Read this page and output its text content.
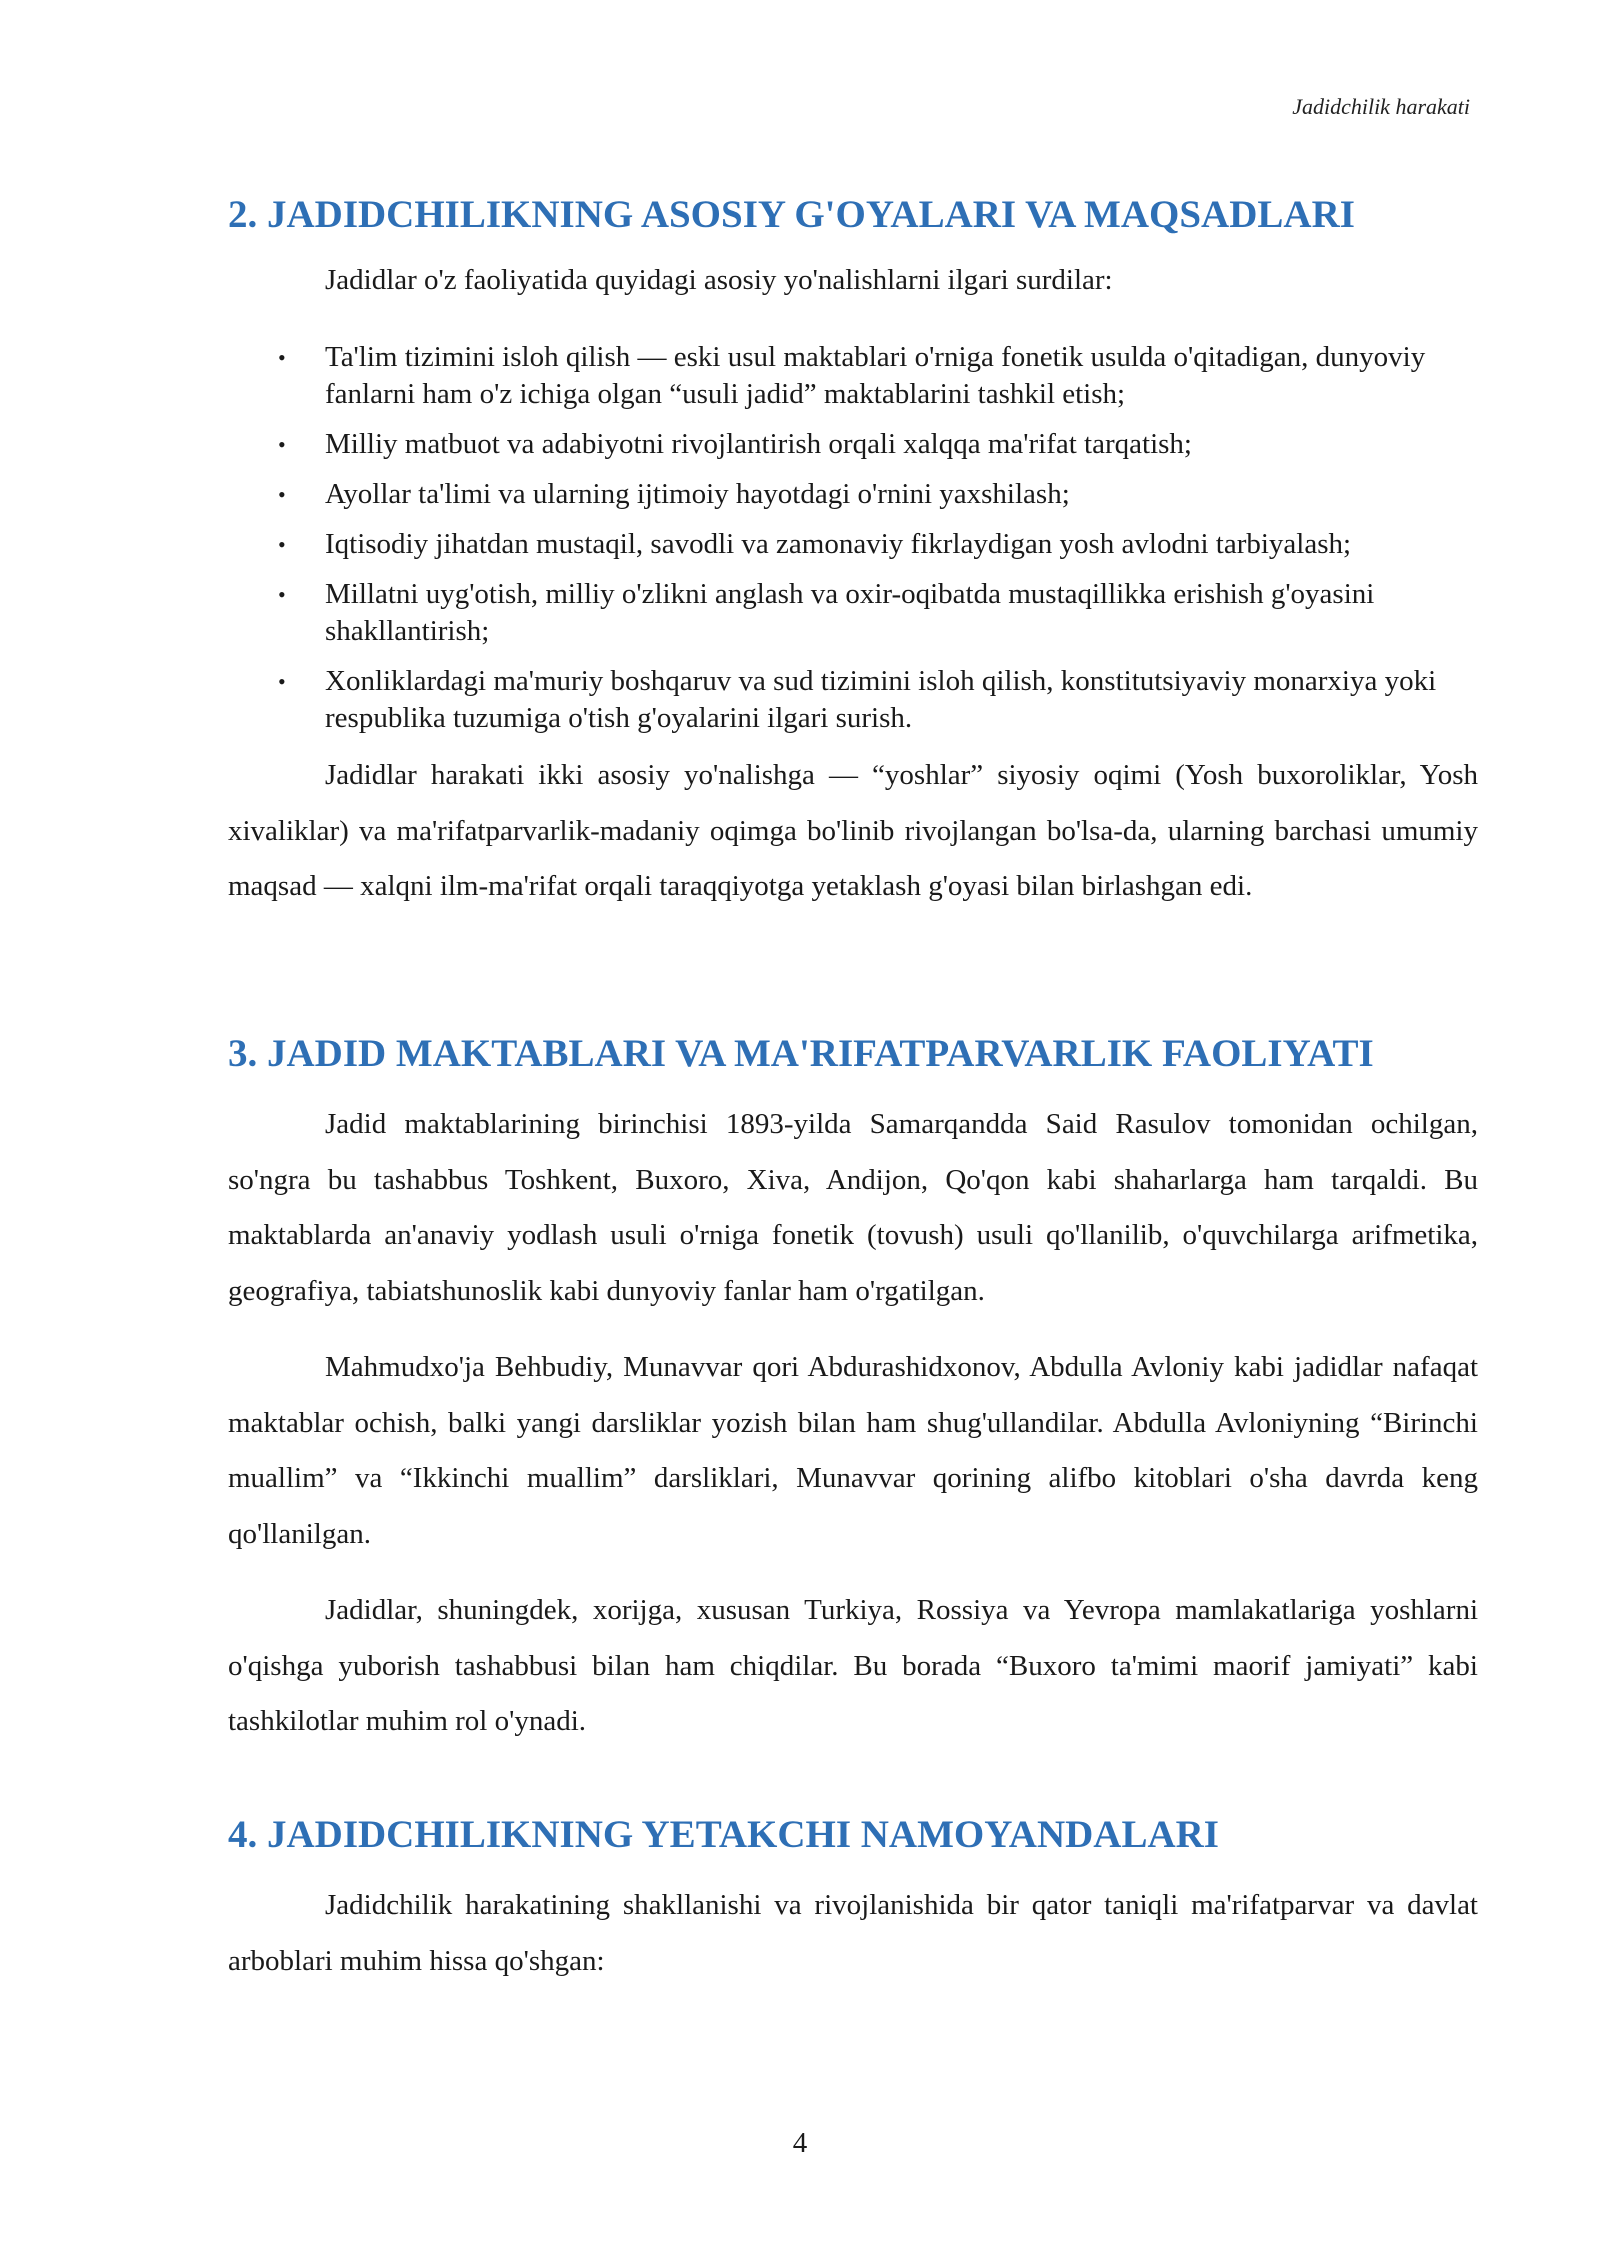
Jadidchilik harakati
2. JADIDCHILIKNING ASOSIY G'OYALARI VA MAQSADLARI

Jadidlar o'z faoliyatida quyidagi asosiy yo'nalishlarni ilgari surdilar:

• Ta'lim tizimini isloh qilish — eski usul maktablari o'rniga fonetik usulda o'qitadigan, dunyoviy fanlarni ham o'z ichiga olgan “usuli jadid” maktablarini tashkil etish;
• Milliy matbuot va adabiyotni rivojlantirish orqali xalqqa ma'rifat tarqatish;
• Ayollar ta'limi va ularning ijtimoiy hayotdagi o'rnini yaxshilash;
• Iqtisodiy jihatdan mustaqil, savodli va zamonaviy fikrlaydigan yosh avlodni tarbiyalash;
• Millatni uyg'otish, milliy o'zlikni anglash va oxir-oqibatda mustaqillikka erishish g'oyasini shakllantirish;
• Xonliklardagi ma'muriy boshqaruv va sud tizimini isloh qilish, konstitutsiyaviy monarxiya yoki respublika tuzumiga o'tish g'oyalarini ilgari surish.

Jadidlar harakati ikki asosiy yo'nalishga — “yoshlar” siyosiy oqimi (Yosh buxoroliklar, Yosh xivaliklar) va ma'rifatparvarlik-madaniy oqimga bo'linib rivojlangan bo'lsa-da, ularning barchasi umumiy maqsad — xalqni ilm-ma'rifat orqali taraqqiyotga yetaklash g'oyasi bilan birlashgan edi.

3. JADID MAKTABLARI VA MA'RIFATPARVARLIK FAOLIYATI

Jadid maktablarining birinchisi 1893-yilda Samarqandda Said Rasulov tomonidan ochilgan, so'ngra bu tashabbus Toshkent, Buxoro, Xiva, Andijon, Qo'qon kabi shaharlarga ham tarqaldi. Bu maktablarda an'anaviy yodlash usuli o'rniga fonetik (tovush) usuli qo'llanilib, o'quvchilarga arifmetika, geografiya, tabiatshunoslik kabi dunyoviy fanlar ham o'rgatilgan.

Mahmudxo'ja Behbudiy, Munavvar qori Abdurashidxonov, Abdulla Avloniy kabi jadidlar nafaqat maktablar ochish, balki yangi darsliklar yozish bilan ham shug'ullandilar. Abdulla Avloniyning “Birinchi muallim” va “Ikkinchi muallim” darsliklari, Munavvar qorining alifbo kitoblari o'sha davrda keng qo'llanilgan.

Jadidlar, shuningdek, xorijga, xususan Turkiya, Rossiya va Yevropa mamlakatlariga yoshlarni o'qishga yuborish tashabbusi bilan ham chiqdilar. Bu borada “Buxoro ta'mimi maorif jamiyati” kabi tashkilotlar muhim rol o'ynadi.

4. JADIDCHILIKNING YETAKCHI NAMOYANDALARI

Jadidchilik harakatining shakllanishi va rivojlanishida bir qator taniqli ma'rifatparvar va davlat arboblari muhim hissa qo'shgan:

4
